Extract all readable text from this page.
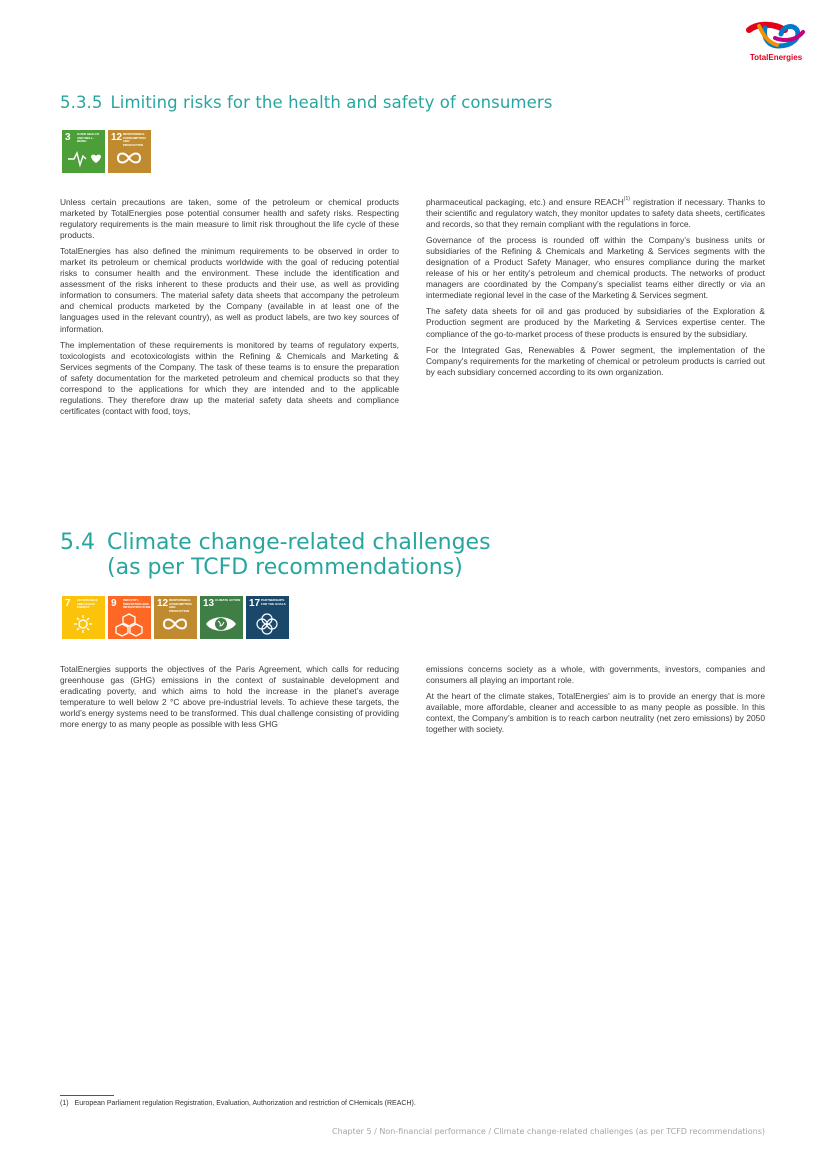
TotalEnergies
5.3.5 Limiting risks for the health and safety of consumers
3 GOOD HEALTH AND WELL-BEING	12 RESPONSIBLE CONSUMPTION AND PRODUCTION

Unless certain precautions are taken, some of the petroleum or chemical products marketed by TotalEnergies pose potential consumer health and safety risks. Respecting regulatory requirements is the main measure to limit risk throughout the life cycle of these products.

TotalEnergies has also defined the minimum requirements to be observed in order to market its petroleum or chemical products worldwide with the goal of reducing potential risks to consumer health and the environment. These include the identification and assessment of the risks inherent to these products and their use, as well as providing information to consumers. The material safety data sheets that accompany the petroleum and chemical products marketed by the Company (available in at least one of the languages used in the relevant country), as well as product labels, are two key sources of information.

The implementation of these requirements is monitored by teams of regulatory experts, toxicologists and ecotoxicologists within the Refining & Chemicals and Marketing & Services segments of the Company. The task of these teams is to ensure the preparation of safety documentation for the marketed petroleum and chemical products so that they correspond to the applications for which they are intended and to the applicable regulations. They therefore draw up the material safety data sheets and compliance certificates (contact with food, toys,

pharmaceutical packaging, etc.) and ensure REACH$^{(1)}$ registration if necessary. Thanks to their scientific and regulatory watch, they monitor updates to safety data sheets, certificates and records, so that they remain compliant with the regulations in force.

Governance of the process is rounded off within the Company’s business units or subsidiaries of the Refining & Chemicals and Marketing & Services segments with the designation of a Product Safety Manager, who ensures compliance during the market release of his or her entity’s petroleum and chemical products. The networks of product managers are coordinated by the Company’s specialist teams either directly or via an intermediate regional level in the case of the Marketing & Services segment.

The safety data sheets for oil and gas produced by subsidiaries of the Exploration & Production segment are produced by the Marketing & Services expertise center. The compliance of the go-to-market process of these products is ensured by the subsidiary.

For the Integrated Gas, Renewables & Power segment, the implementation of the Company's requirements for the marketing of chemical or petroleum products is carried out by each subsidiary concerned according to its own organization.

5.4 Climate change-related challenges
(as per TCFD recommendations)
7 AFFORDABLE AND CLEAN ENERGY	9 INDUSTRY, INNOVATION AND INFRASTRUCTURE 12 RESPONSIBLE CONSUMPTION AND PRODUCTION
13 CLIMATE ACTION 17 PARTNERSHIPS FOR THE GOALS

TotalEnergies supports the objectives of the Paris Agreement, which calls for reducing greenhouse gas (GHG) emissions in the context of sustainable development and eradicating poverty, and which aims to hold the increase in the planet’s average temperature to well below 2 °C above pre-industrial levels. To achieve these targets, the world’s energy systems need to be transformed. This dual challenge consisting of providing more energy to as many people as possible with less GHG

emissions concerns society as a whole, with governments, investors, companies and consumers all playing an important role.

At the heart of the climate stakes, TotalEnergies' aim is to provide an energy that is more available, more affordable, cleaner and accessible to as many people as possible. In this context, the Company’s ambition is to reach carbon neutrality (net zero emissions) by 2050 together with society.

(1) European Parliament regulation Registration, Evaluation, Authorization and restriction of CHemicals (REACH).
Chapter 5 / Non-financial performance / Climate change-related challenges (as per TCFD recommendations)
